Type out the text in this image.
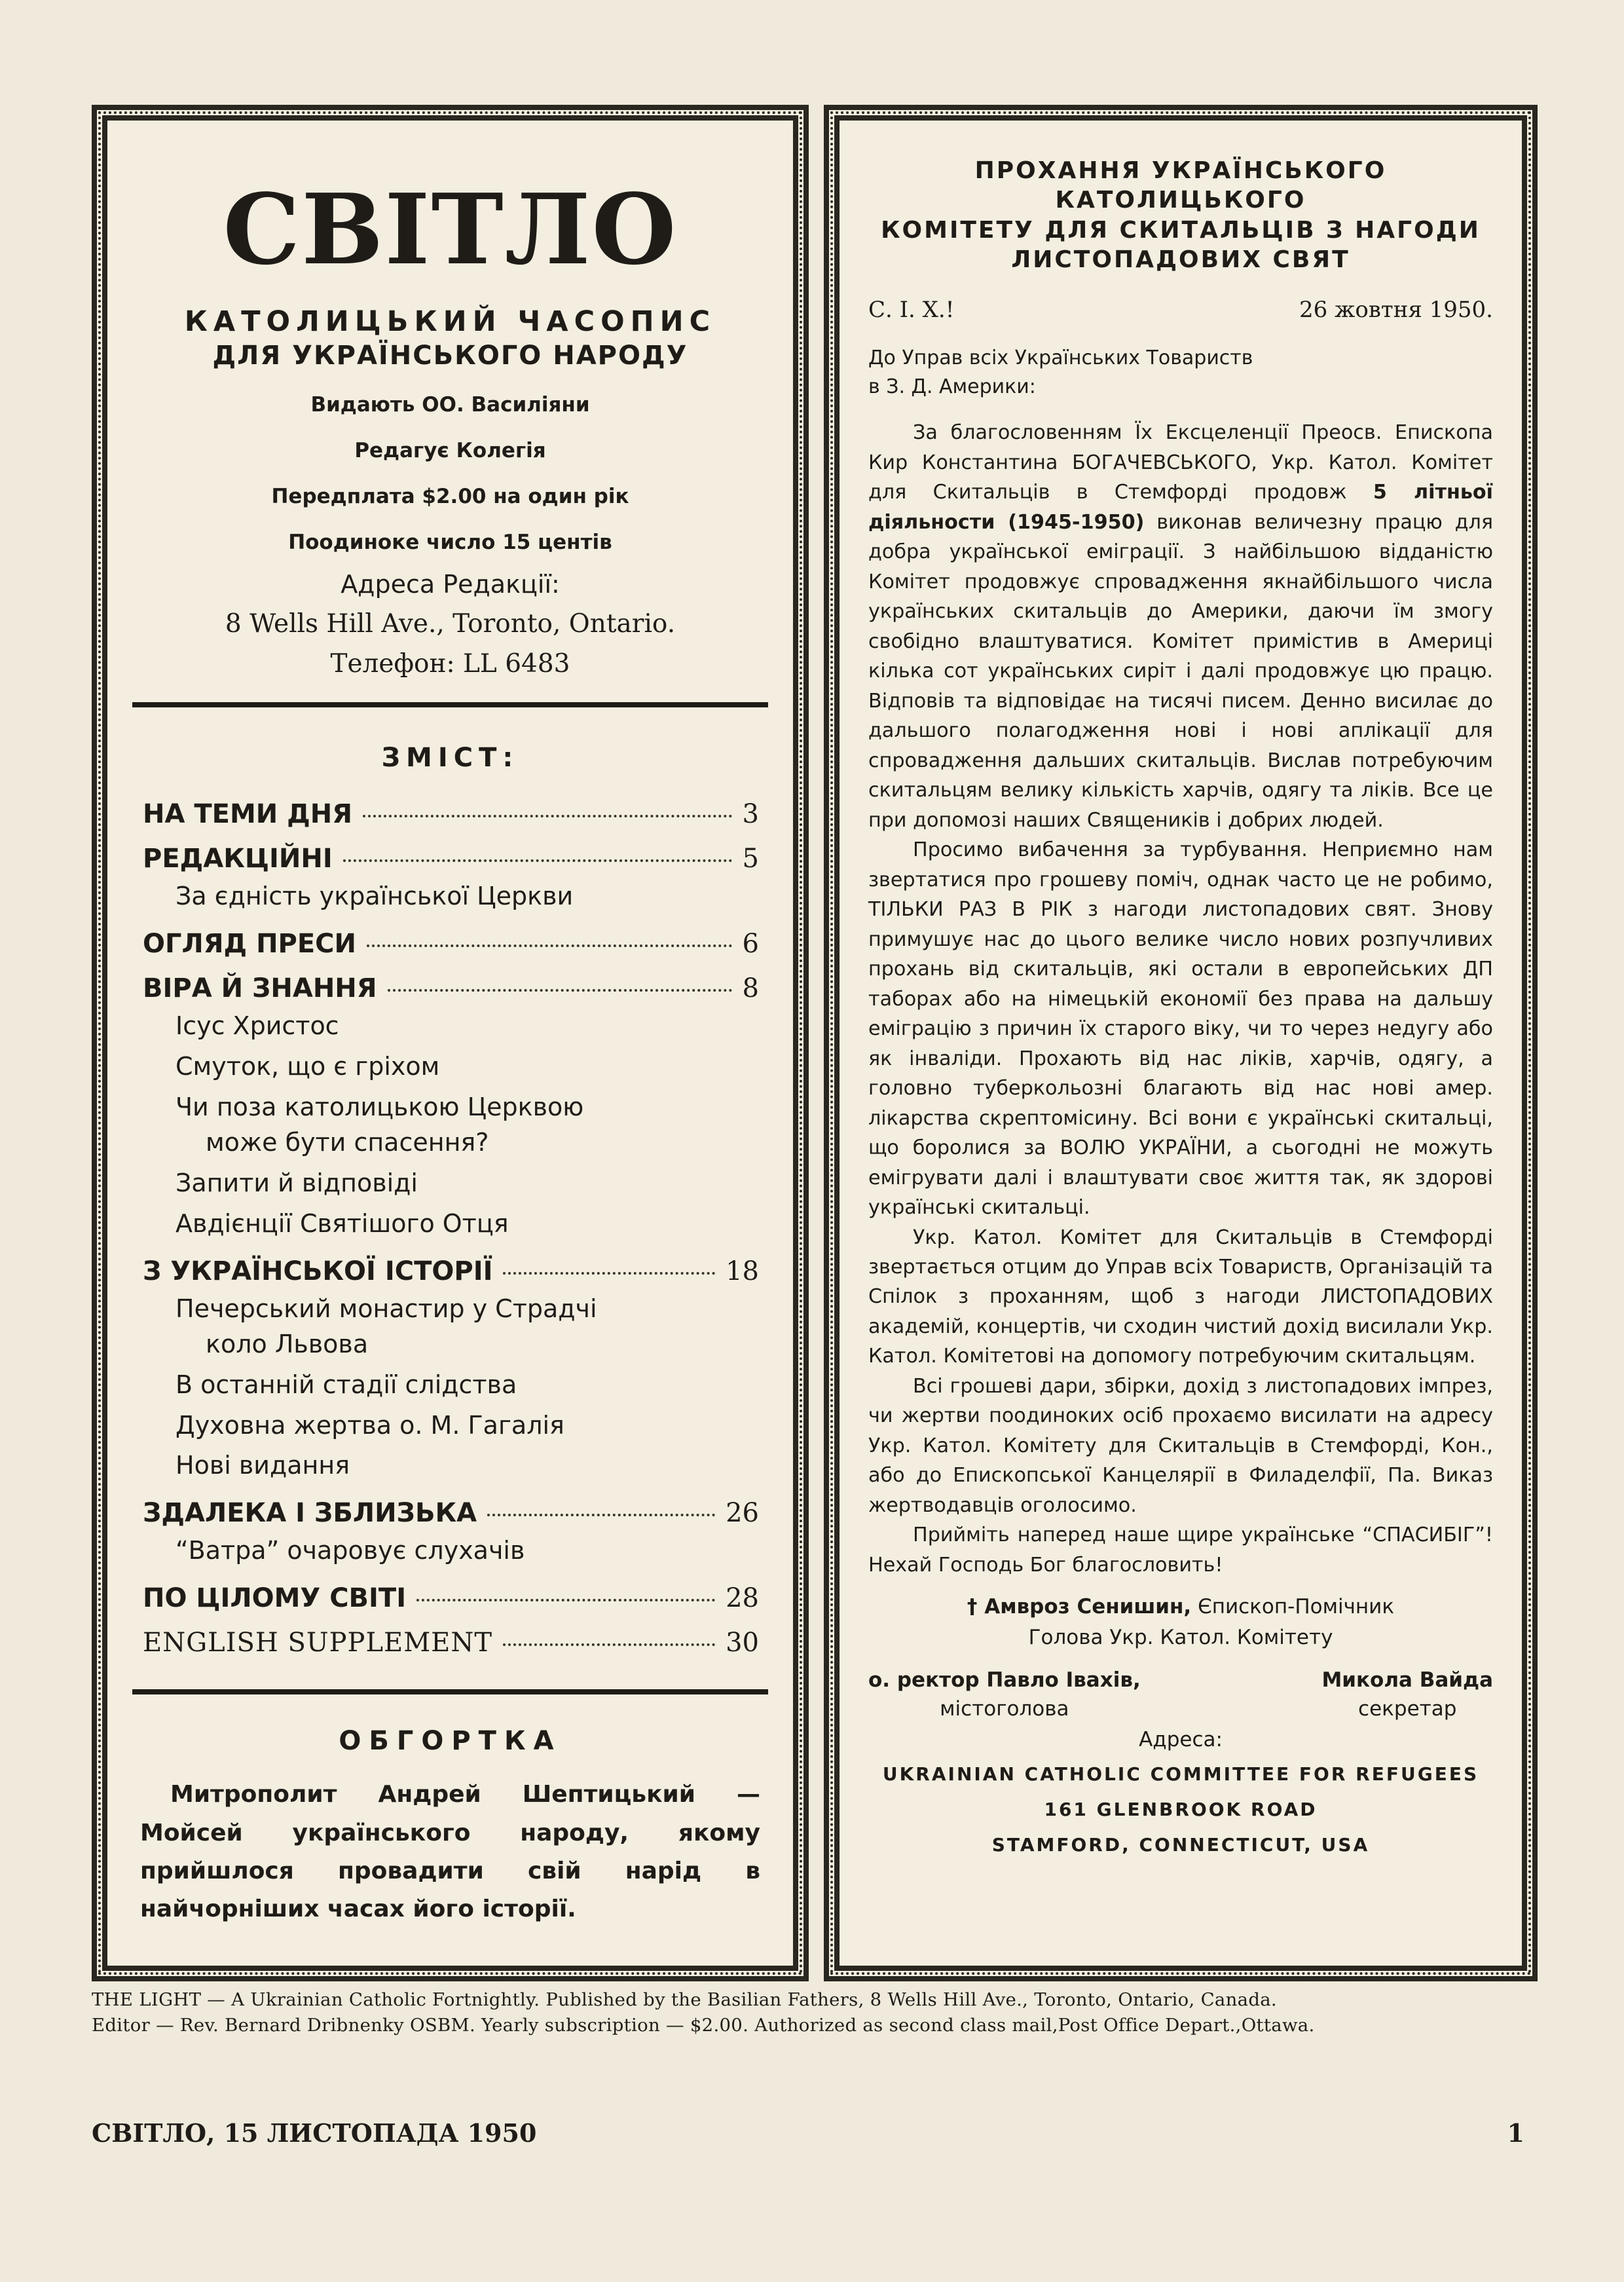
СВІТЛО
КАТОЛИЦЬКИЙ ЧАСОПИС
ДЛЯ УКРАЇНСЬКОГО НАРОДУ
Видають ОО. Василіяни
Редагує Колегія
Передплата $2.00 на один рік
Поодиноке число 15 центів
Адреса Редакції:
8 Wells Hill Ave., Toronto, Ontario.
Телефон: LL 6483
ЗМІСТ:
НА ТЕМИ ДНЯ	3
РЕДАКЦІЙНІ	5
За єдність української Церкви
ОГЛЯД ПРЕСИ	6
ВІРА Й ЗНАННЯ	8
Ісус Христос
Смуток, що є гріхом
Чи поза католицькою Церквою
може бути спасення?
Запити й відповіді
Авдієнції Святішого Отця
З УКРАЇНСЬКОЇ ІСТОРІЇ	18
Печерський монастир у Страдчі
коло Львова
В останній стадії слідства
Духовна жертва о. М. Гагалія
Нові видання
ЗДАЛЕКА І ЗБЛИЗЬКА	26
“Ватра” очаровує слухачів
ПО ЦІЛОМУ СВІТІ	28
ENGLISH SUPPLEMENT	30
ОБГОРТКА
Митрополит Андрей Шептицький — Мойсей українського народу, якому прийшлося провадити свій нарід в найчорніших часах його історії.
ПРОХАННЯ УКРАЇНСЬКОГО КАТОЛИЦЬКОГО
КОМІТЕТУ ДЛЯ СКИТАЛЬЦІВ З НАГОДИ
ЛИСТОПАДОВИХ СВЯТ
С. І. Х.!	26 жовтня 1950.
До Управ всіх Українських Товариств
в З. Д. Америки:

За благословенням Їх Ексцеленції Преосв. Епископа Кир Константина БОГАЧЕВСЬКОГО, Укр. Катол. Комітет для Скитальців в Стемфорді продовж 5 літньої діяльности (1945-1950) виконав величезну працю для добра української еміграції. З найбільшою відданістю Комітет продовжує спровадження якнайбільшого числа українських скитальців до Америки, даючи їм змогу свобідно влаштуватися. Комітет примістив в Америці кілька сот українських сиріт і далі продовжує цю працю. Відповів та відповідає на тисячі писем. Денно висилає до дальшого полагодження нові і нові аплікації для спровадження дальших скитальців. Вислав потребуючим скитальцям велику кількість харчів, одягу та ліків. Все це при допомозі наших Священиків і добрих людей.

Просимо вибачення за турбування. Неприємно нам звертатися про грошеву поміч, однак часто це не робимо, ТІЛЬКИ РАЗ В РІК з нагоди листопадових свят. Знову примушує нас до цього велике число нових розпучливих прохань від скитальців, які остали в европейських ДП таборах або на німецькій економії без права на дальшу еміграцію з причин їх старого віку, чи то через недугу або як інваліди. Прохають від нас ліків, харчів, одягу, а головно туберкольозні благають від нас нові амер. лікарства скрептомісину. Всі вони є українські скитальці, що боролися за ВОЛЮ УКРАЇНИ, а сьогодні не можуть емігрувати далі і влаштувати своє життя так, як здорові українські скитальці.

Укр. Катол. Комітет для Скитальців в Стемфорді звертається отцим до Управ всіх Товариств, Організацій та Спілок з проханням, щоб з нагоди ЛИСТОПАДОВИХ академій, концертів, чи сходин чистий дохід висилали Укр. Катол. Комітетові на допомогу потребуючим скитальцям.

Всі грошеві дари, збірки, дохід з листопадових імпрез, чи жертви поодиноких осіб прохаємо висилати на адресу Укр. Катол. Комітету для Скитальців в Стемфорді, Кон., або до Епископської Канцелярії в Филаделфії, Па. Виказ жертводавців оголосимо.

Прийміть наперед наше щире українське “СПАСИБІГ”! Нехай Господь Бог благословить!

† Амвроз Сенишин, Єпископ-Помічник
Голова Укр. Катол. Комітету
о. ректор Павло Івахів,
містоголова
Микола Вайда
секретар
Адреса:
UKRAINIAN CATHOLIC COMMITTEE FOR REFUGEES
161 GLENBROOK ROAD
STAMFORD, CONNECTICUT, USA
THE LIGHT — A Ukrainian Catholic Fortnightly. Published by the Basilian Fathers, 8 Wells Hill Ave., Toronto, Ontario, Canada.
Editor — Rev. Bernard Dribnenky OSBM. Yearly subscription — $2.00. Authorized as second class mail,Post Office Depart.,Ottawa.
СВІТЛО, 15 ЛИСТОПАДА 1950	1
